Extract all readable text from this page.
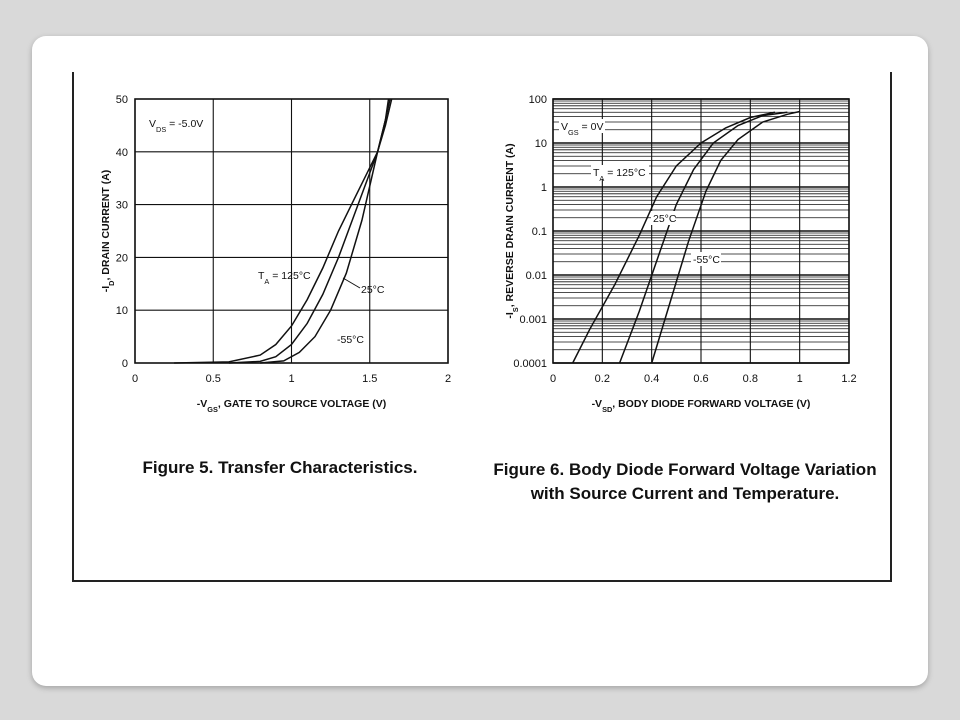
0	0.5	1	1.5	2
0
10
20
30
40
50
$-V_{GS}$, GATE TO SOURCE VOLTAGE (V)
$-I_D$, DRAIN CURRENT (A)
$V_{DS} = -5.0V$
$T_A = 125^\circ C$
25°C
-55°C
0.0001
0.001
0.01
0.1
1
10
100
0	0.2	0.4	0.6	0.8	1	1.2
$-V_{SD}$, BODY DIODE FORWARD VOLTAGE (V)
$-I_S$, REVERSE DRAIN CURRENT (A)
$V_{GS} = 0V$
$T_A = 125^\circ C$
25°C
-55°C
Figure 5. Transfer Characteristics.	Figure 6. Body Diode Forward Voltage Variation
with Source Current and Temperature.
